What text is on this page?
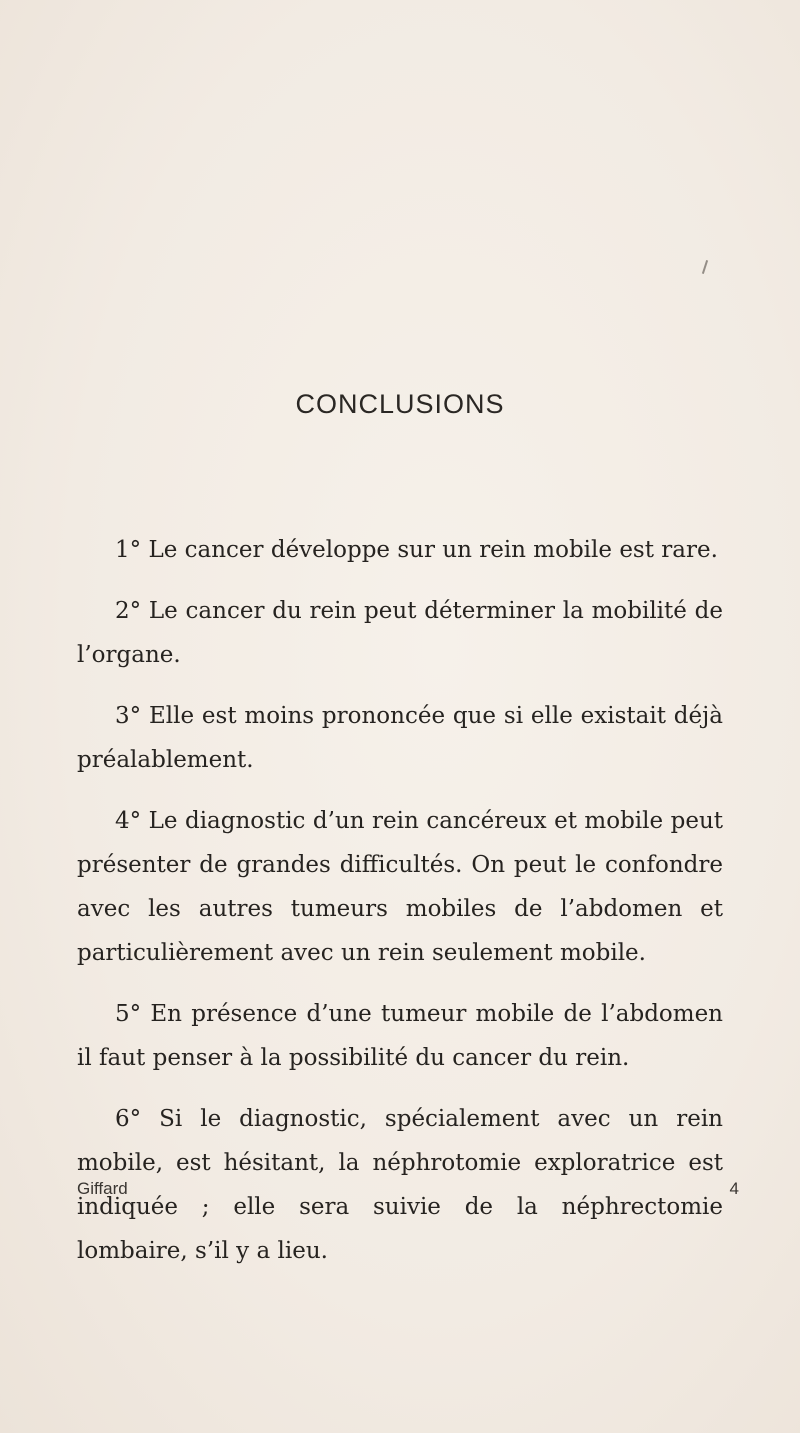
CONCLUSIONS

1° Le cancer développe sur un rein mobile est rare.

2° Le cancer du rein peut déterminer la mobilité de l’organe.

3° Elle est moins prononcée que si elle existait déjà préalablement.

4° Le diagnostic d’un rein cancéreux et mobile peut présenter de grandes difficultés. On peut le confondre avec les autres tumeurs mobiles de l’abdomen et particulièrement avec un rein seulement mobile.

5° En présence d’une tumeur mobile de l’abdomen il faut penser à la possibilité du cancer du rein.

6° Si le diagnostic, spécialement avec un rein mobile, est hésitant, la néphrotomie exploratrice est indiquée ; elle sera suivie de la néphrectomie lombaire, s’il y a lieu.

Giffard	4
